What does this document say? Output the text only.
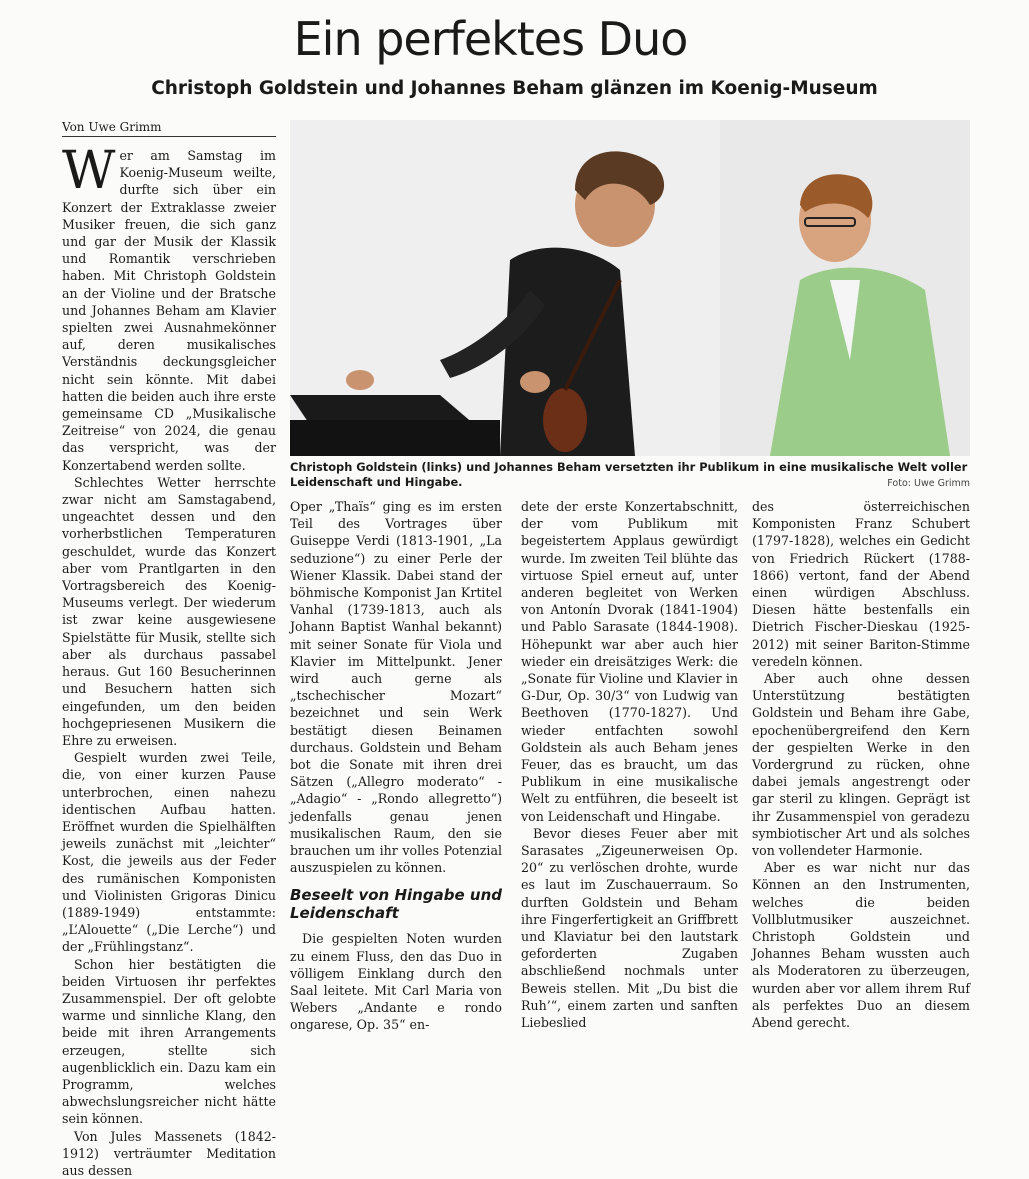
Ein perfektes Duo
Christoph Goldstein und Johannes Beham glänzen im Koenig-Museum
Von Uwe Grimm

Wer am Samstag im Koenig-Museum weilte, durfte sich über ein Konzert der Extraklasse zweier Musiker freuen, die sich ganz und gar der Musik der Klassik und Romantik verschrieben haben. Mit Christoph Goldstein an der Violine und der Bratsche und Johannes Beham am Klavier spielten zwei Ausnahmekönner auf, deren musikalisches Verständnis deckungsgleicher nicht sein könnte. Mit dabei hatten die beiden auch ihre erste gemeinsame CD „Musikalische Zeitreise“ von 2024, die genau das verspricht, was der Konzertabend werden sollte.

Schlechtes Wetter herrschte zwar nicht am Samstagabend, ungeachtet dessen und den vorherbstlichen Temperaturen geschuldet, wurde das Konzert aber vom Prantlgarten in den Vortragsbereich des Koenig-Museums verlegt. Der wiederum ist zwar keine ausgewiesene Spielstätte für Musik, stellte sich aber als durchaus passabel heraus. Gut 160 Besucherinnen und Besuchern hatten sich eingefunden, um den beiden hochgepriesenen Musikern die Ehre zu erweisen.

Gespielt wurden zwei Teile, die, von einer kurzen Pause unterbrochen, einen nahezu identischen Aufbau hatten. Eröffnet wurden die Spielhälften jeweils zunächst mit „leichter“ Kost, die jeweils aus der Feder des rumänischen Komponisten und Violinisten Grigoras Dinicu (1889-1949) entstammte: „L’Alouette“ („Die Lerche“) und der „Frühlingstanz“.

Schon hier bestätigten die beiden Virtuosen ihr perfektes Zusammenspiel. Der oft gelobte warme und sinnliche Klang, den beide mit ihren Arrangements erzeugen, stellte sich augenblicklich ein. Dazu kam ein Programm, welches abwechslungsreicher nicht hätte sein können.

Von Jules Massenets (1842-1912) verträumter Meditation aus dessen

Christoph Goldstein (links) und Johannes Beham versetzten ihr Publikum in eine musikalische Welt voller Leidenschaft und Hingabe.	Foto: Uwe Grimm

Oper „Thaïs“ ging es im ersten Teil des Vortrages über Guiseppe Verdi (1813-1901, „La seduzione“) zu einer Perle der Wiener Klassik. Dabei stand der böhmische Komponist Jan Krtitel Vanhal (1739-1813, auch als Johann Baptist Wanhal bekannt) mit seiner Sonate für Viola und Klavier im Mittelpunkt. Jener wird auch gerne als „tschechischer Mozart“ bezeichnet und sein Werk bestätigt diesen Beinamen durchaus. Goldstein und Beham bot die Sonate mit ihren drei Sätzen („Allegro moderato“ - „Adagio“ - „Rondo allegretto“) jedenfalls genau jenen musikalischen Raum, den sie brauchen um ihr volles Potenzial auszuspielen zu können.

Beseelt von Hingabe und Leidenschaft

Die gespielten Noten wurden zu einem Fluss, den das Duo in völligem Einklang durch den Saal leitete. Mit Carl Maria von Webers „Andante e rondo ongarese, Op. 35“ en-

dete der erste Konzertabschnitt, der vom Publikum mit begeistertem Applaus gewürdigt wurde. Im zweiten Teil blühte das virtuose Spiel erneut auf, unter anderen begleitet von Werken von Antonín Dvorak (1841-1904) und Pablo Sarasate (1844-1908). Höhepunkt war aber auch hier wieder ein dreisätziges Werk: die „Sonate für Violine und Klavier in G-Dur, Op. 30/3“ von Ludwig van Beethoven (1770-1827). Und wieder entfachten sowohl Goldstein als auch Beham jenes Feuer, das es braucht, um das Publikum in eine musikalische Welt zu entführen, die beseelt ist von Leidenschaft und Hingabe.

Bevor dieses Feuer aber mit Sarasates „Zigeunerweisen Op. 20“ zu verlöschen drohte, wurde es laut im Zuschauerraum. So durften Goldstein und Beham ihre Fingerfertigkeit an Griffbrett und Klaviatur bei den lautstark geforderten Zugaben abschließend nochmals unter Beweis stellen. Mit „Du bist die Ruh’“, einem zarten und sanften Liebeslied

des österreichischen Komponisten Franz Schubert (1797-1828), welches ein Gedicht von Friedrich Rückert (1788-1866) vertont, fand der Abend einen würdigen Abschluss. Diesen hätte bestenfalls ein Dietrich Fischer-Dieskau (1925-2012) mit seiner Bariton-Stimme veredeln können.

Aber auch ohne dessen Unterstützung bestätigten Goldstein und Beham ihre Gabe, epochenübergreifend den Kern der gespielten Werke in den Vordergrund zu rücken, ohne dabei jemals angestrengt oder gar steril zu klingen. Geprägt ist ihr Zusammenspiel von geradezu symbiotischer Art und als solches von vollendeter Harmonie.

Aber es war nicht nur das Können an den Instrumenten, welches die beiden Vollblutmusiker auszeichnet. Christoph Goldstein und Johannes Beham wussten auch als Moderatoren zu überzeugen, wurden aber vor allem ihrem Ruf als perfektes Duo an diesem Abend gerecht.
